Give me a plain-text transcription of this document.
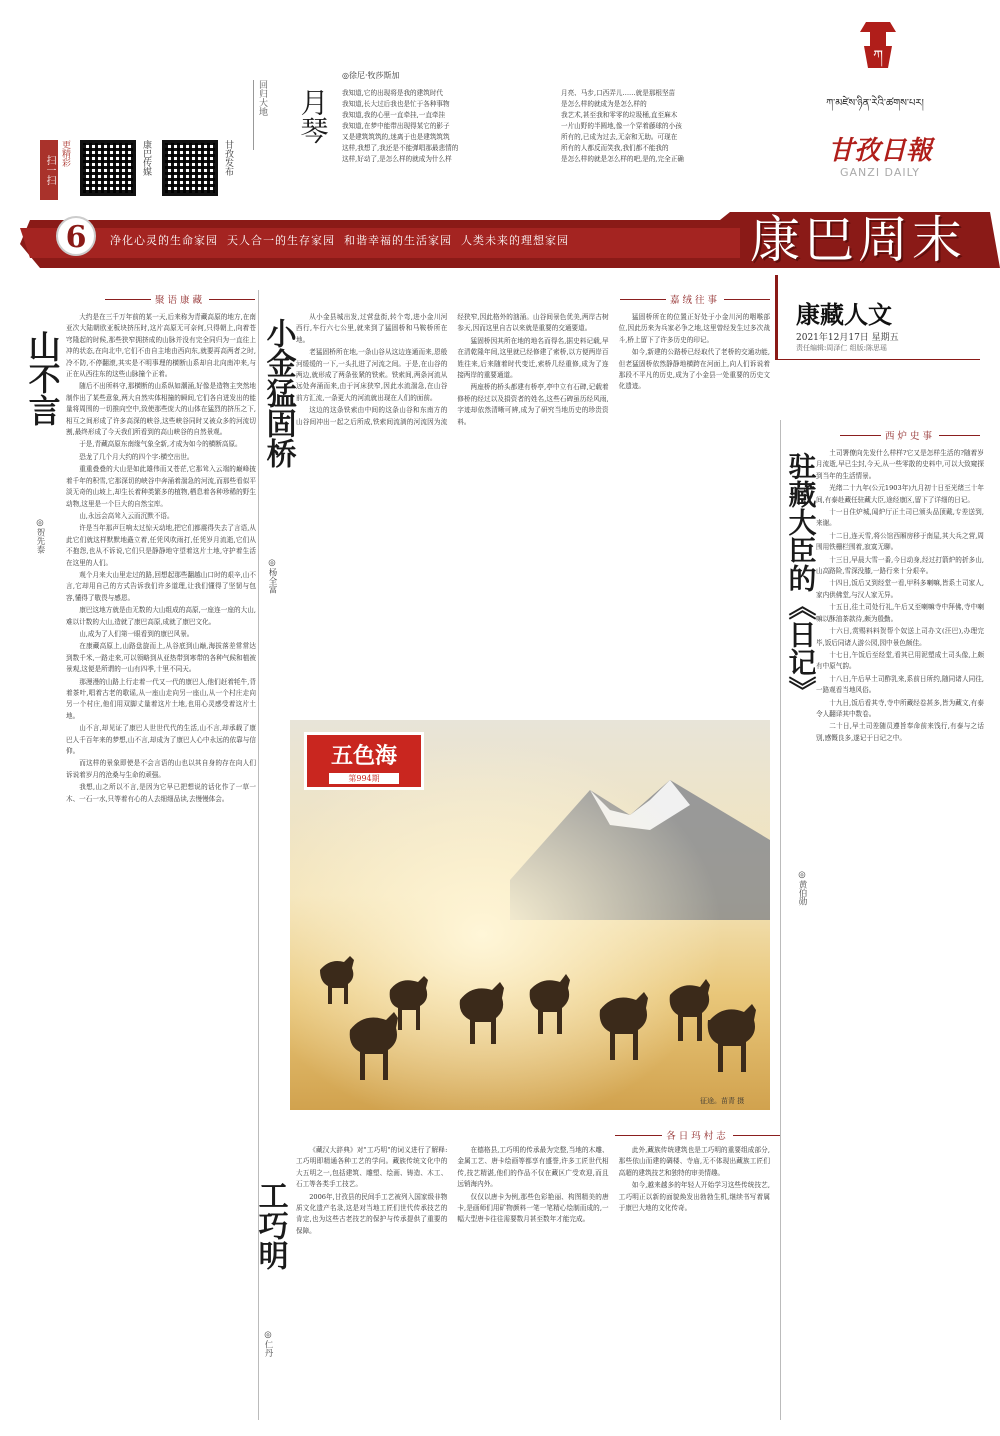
扫一扫
更精彩	康巴传媒	甘孜发布
回归大地 月琴
◎徐尼·牧莎斯加
我知道,它的出现将是我的建筑时代
我知道,长大过后我也是忙于各种事物
我知道,我的心里一直牵挂,一直牵挂
我知道,在梦中能带出现得某它的影子
又是建筑筑筑的,迷离于也是建筑筑筑
这样,我想了,我还是不能弹唱那最悲情的
这样,好动了,是怎么样的就成为什么样
月亮、马步,口西弄儿……就是那根坚苗
是怎么样的就成为是怎么样的
我艺术,甚至我和零零的垃圾桶,直至麻木
一片山野的半圆地,像一个穿着藤球的小孩
所有的,已成为过去,无奈和无助。可现在
所有的人都反而笑我,我们都不能我的
是怎么样的就是怎么样的吧,是的,完全正确
ཀ
ཀ་མཛེས་ཉིན་རེའི་ཚགས་པར།
甘孜日報
GANZI DAILY
6	净化心灵的生命家园  天人合一的生存家园  和谐幸福的生活家园  人类未来的理想家园	康巴周末
康藏人文
2021年12月17日 星期五
责任编辑:周泽仁 组版:陈思瑶
聚语康藏
山不言
◎贺先泰

大约是在三千万年前的某一天,后来称为青藏高原的地方,在南亚次大陆朝欧亚板块挤压时,这片高原无可奈何,只得朝上,向着苍穹隆起的时候,那些狭窄拥挤成的山脉并没有完全同归为一直往上冲的状态,在向北中,它们不由自主地由西向东,就要再高两者之时,冷不防,不停翻滚,其实是不明事理的横断山系却自北向南冲来,与正在从西往东的这些山脉撞个正着。

随后不出所料守,那横断的山系纵如潮涌,好像是造物主突然地制作出了某些意象,两大自然实体相撞的瞬间,它们各自迸发出的能量将周围的一切推向空中,致使那些庞大的山体在猛烈的挤压之下,相互之间形成了许多高深的峡谷,这些峡谷同时又被众多的河流切割,最终形成了今天我们所看到的高山峡谷的自然景观。

于是,青藏高原东南缘气象全新,才成为如今的横断高原。

恐龙了几个月大约的四个字:横空出世。

重重叠叠的大山是如此雄伟而又苍茫,它那耸入云端的巅峰披着千年的积雪,它那深切的峡谷中奔涌着湍急的河流,而那些看似平淡无奇的山坡上,却生长着种类繁多的植物,栖息着各种珍稀的野生动物,这里是一个巨大的自然宝库。

山,永远会高耸入云而沉默不语。

许是当年那声巨响太过惊天动地,把它们都震得失去了言语,从此它们就这样默默地矗立着,任凭风吹雨打,任凭岁月流逝,它们从不抱怨,也从不诉说,它们只是静静地守望着这片土地,守护着生活在这里的人们。

观个月来大山里走过的路,回想起那些翻越山口时的艰辛,山不言,它却用自己的方式告诉我们许多道理,让我们懂得了坚韧与包容,懂得了敬畏与感恩。

康巴这地方就是由无数的大山组成的高原,一座连一座的大山,难以计数的大山,造就了康巴高原,成就了康巴文化。

山,成为了人们第一眼看到的康巴风景。

在康藏高原上,山路盘旋而上,从谷底到山巅,海拔落差常常达到数千米,一路走来,可以领略到从亚热带到寒带的各种气候和植被景观,这便是所谓的一山有四季,十里不同天。

那漫漫的山路上行走着一代又一代的康巴人,他们赶着牦牛,背着茶叶,唱着古老的歌谣,从一座山走向另一座山,从一个村庄走向另一个村庄,他们用双脚丈量着这片土地,也用心灵感受着这片土地。

山不言,却见证了康巴人世世代代的生活,山不言,却承载了康巴人千百年来的梦想,山不言,却成为了康巴人心中永远的依靠与信仰。

而这样的景象即使是不会言语的山也以其自身的存在向人们诉说着岁月的沧桑与生命的顽强。

我想,山之所以不言,是因为它早已把想说的话化作了一草一木、一石一水,只等着有心的人去细细品读,去慢慢体会。

嘉绒往事
小金猛固桥
◎杨全富

从小金县城出发,过营盘街,转个弯,进小金川河西行,车行六七公里,就来到了猛固桥和马鞍桥所在地。

老猛固桥所在地,一条山谷从这边连通而来,恩般河缓缓的一下,一头扎进了河流之间。于是,在山谷的两边,就形成了两条张紧的铁索。铁索间,两条河流从远处奔涌而来,由于河床狭窄,因此水流湍急,在山谷前方汇流,一条更大的河流就出现在人们的面前。

这边的这条铁索由中间的这条山谷和东南方的山谷间冲出一起之后所成,铁索间流淌的河流因为流经狭窄,因此格外的汹涌。山谷间景色优美,两岸古树参天,因而这里自古以来就是重要的交通要道。

猛固桥因其所在地的地名而得名,据史料记载,早在清乾隆年间,这里就已经修建了索桥,以方便两岸百姓往来,后来随着时代变迁,索桥几经重修,成为了连接两岸的重要通道。

两座桥的桥头都建有桥亭,亭中立有石碑,记载着修桥的经过以及捐资者的姓名,这些石碑虽历经风雨,字迹却依然清晰可辨,成为了研究当地历史的珍贵资料。

猛固桥所在的位置正好处于小金川河的咽喉部位,因此历来为兵家必争之地,这里曾经发生过多次战斗,桥上留下了许多历史的印记。

如今,新建的公路桥已经取代了老桥的交通功能,但老猛固桥依然静静地横跨在河面上,向人们诉说着那段不平凡的历史,成为了小金县一处重要的历史文化遗迹。

五色海
第994期
征途。苗青 摄
各日玛村志
工巧明
◎仁丹

《藏汉大辞典》对"工巧明"的词义进行了解释:工巧明即精通各种工艺的学问。藏族传统文化中的大五明之一,包括建筑、雕塑、绘画、铸造、木工、石工等各类手工技艺。

2006年,甘孜县的民间手工艺被列入国家级非物质文化遗产名录,这是对当地工匠们世代传承技艺的肯定,也为这些古老技艺的保护与传承提供了重要的保障。

在德格县,工巧明的传承最为完整,当地的木雕、金属工艺、唐卡绘画等都享有盛誉,许多工匠世代相传,技艺精湛,他们的作品不仅在藏区广受欢迎,而且远销海内外。

仅仅以唐卡为例,那些色彩艳丽、构图精美的唐卡,是画师们用矿物颜料一笔一笔精心绘制而成的,一幅大型唐卡往往需要数月甚至数年才能完成。

此外,藏族传统建筑也是工巧明的重要组成部分,那些依山而建的碉楼、寺庙,无不体现出藏族工匠们高超的建筑技艺和独特的审美情趣。

如今,越来越多的年轻人开始学习这些传统技艺,工巧明正以新的面貌焕发出勃勃生机,继续书写着属于康巴大地的文化传奇。

西炉史事
驻藏大臣的《日记》
◎黄伯勋

土司署僚向先发什么样样?它又是怎样生活的?随着岁月流逝,早已尘封,今天,从一些零散的史料中,可以大致窥探到当年的生活情景。

光绪二十九年(公元1903年)九月初十日至光绪三十年间,有泰赴藏任驻藏大臣,途经康区,留下了详细的日记。

十一日住炉城,闻炉厅正土司已颁头品顶戴,专差送到,来谢。

十二日,连天雪,将公馆西厢房移于南屋,其大兵之营,周围用铁栅栏围着,寂寞无聊。

十三日,早晨大雪一番,今日动身,经过打箭炉的折多山,山高路险,雪深没膝,一路行来十分艰辛。

十四日,饭后又到经堂一看,甲科多喇嘛,皆系土司家人,家内供佛堂,与汉人家无异。

十五日,往土司处行礼,午后又至喇嘛寺中拜佛,寺中喇嘛以酥油茶款待,颇为殷勤。

十六日,赏赐料料贺帮个奴送上司办文(汪巴),办理完毕,饭后同诸人游公园,园中景色颇佳。

十七日,午饭后至经堂,看其已用泥塑成土司头像,上颇有中原气韵。

十八日,午后早土司酢乳来,系前日所约,随同诸人同往,一路观看当地风俗。

十九日,饭后看其寺,寺中所藏经卷甚多,皆为藏文,有泰令人翻译其中数卷。

二十日,早土司差随员遵旨奉命前来饯行,有泰与之话别,感慨良多,遂记于日记之中。
